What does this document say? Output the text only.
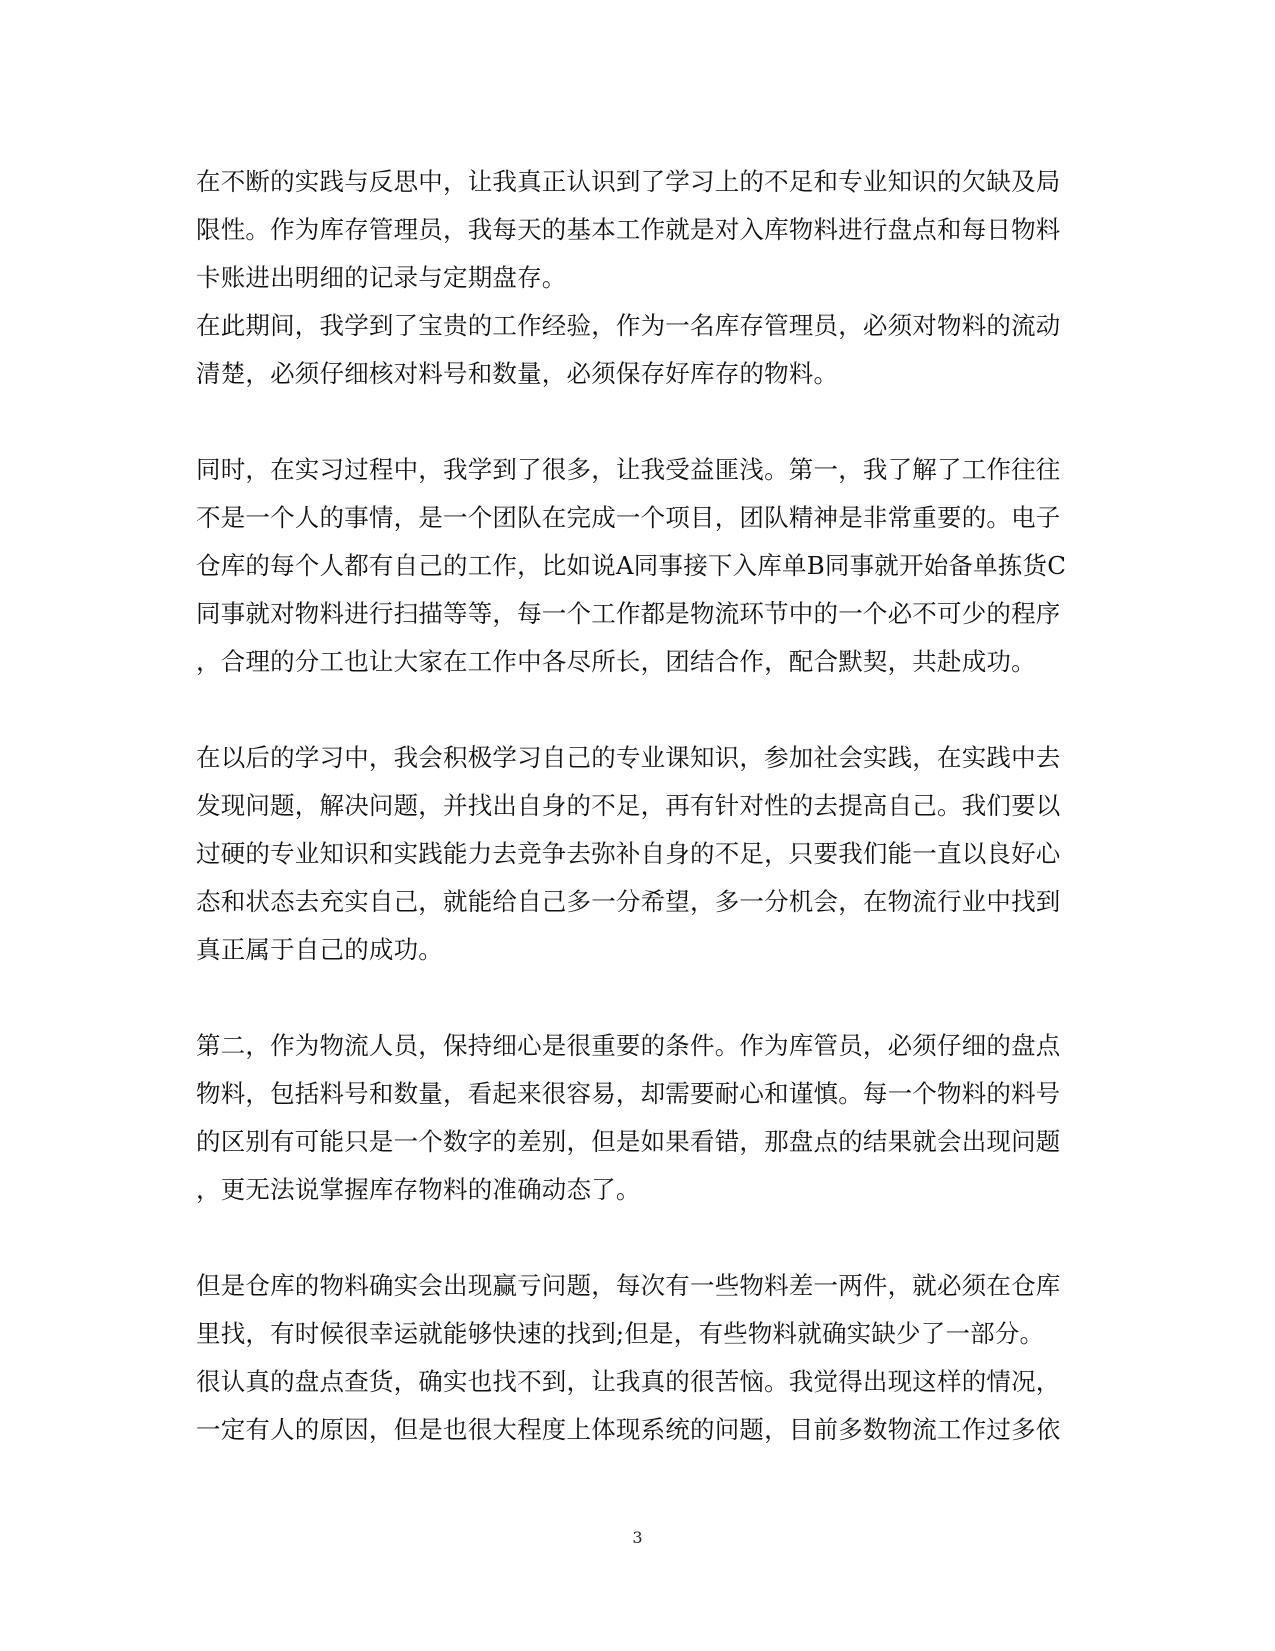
在不断的实践与反思中，让我真正认识到了学习上的不足和专业知识的欠缺及局
限性。作为库存管理员，我每天的基本工作就是对入库物料进行盘点和每日物料
卡账进出明细的记录与定期盘存。
在此期间，我学到了宝贵的工作经验，作为一名库存管理员，必须对物料的流动
清楚，必须仔细核对料号和数量，必须保存好库存的物料。
同时，在实习过程中，我学到了很多，让我受益匪浅。第一，我了解了工作往往
不是一个人的事情，是一个团队在完成一个项目，团队精神是非常重要的。电子
仓库的每个人都有自己的工作，比如说A同事接下入库单B同事就开始备单拣货C
同事就对物料进行扫描等等，每一个工作都是物流环节中的一个必不可少的程序
，合理的分工也让大家在工作中各尽所长，团结合作，配合默契，共赴成功。
在以后的学习中，我会积极学习自己的专业课知识，参加社会实践，在实践中去
发现问题，解决问题，并找出自身的不足，再有针对性的去提高自己。我们要以
过硬的专业知识和实践能力去竞争去弥补自身的不足，只要我们能一直以良好心
态和状态去充实自己，就能给自己多一分希望，多一分机会，在物流行业中找到
真正属于自己的成功。
第二，作为物流人员，保持细心是很重要的条件。作为库管员，必须仔细的盘点
物料，包括料号和数量，看起来很容易，却需要耐心和谨慎。每一个物料的料号
的区别有可能只是一个数字的差别，但是如果看错，那盘点的结果就会出现问题
，更无法说掌握库存物料的准确动态了。
但是仓库的物料确实会出现赢亏问题，每次有一些物料差一两件，就必须在仓库
里找，有时候很幸运就能够快速的找到;但是，有些物料就确实缺少了一部分。
很认真的盘点查货，确实也找不到，让我真的很苦恼。我觉得出现这样的情况，
一定有人的原因，但是也很大程度上体现系统的问题，目前多数物流工作过多依
3
